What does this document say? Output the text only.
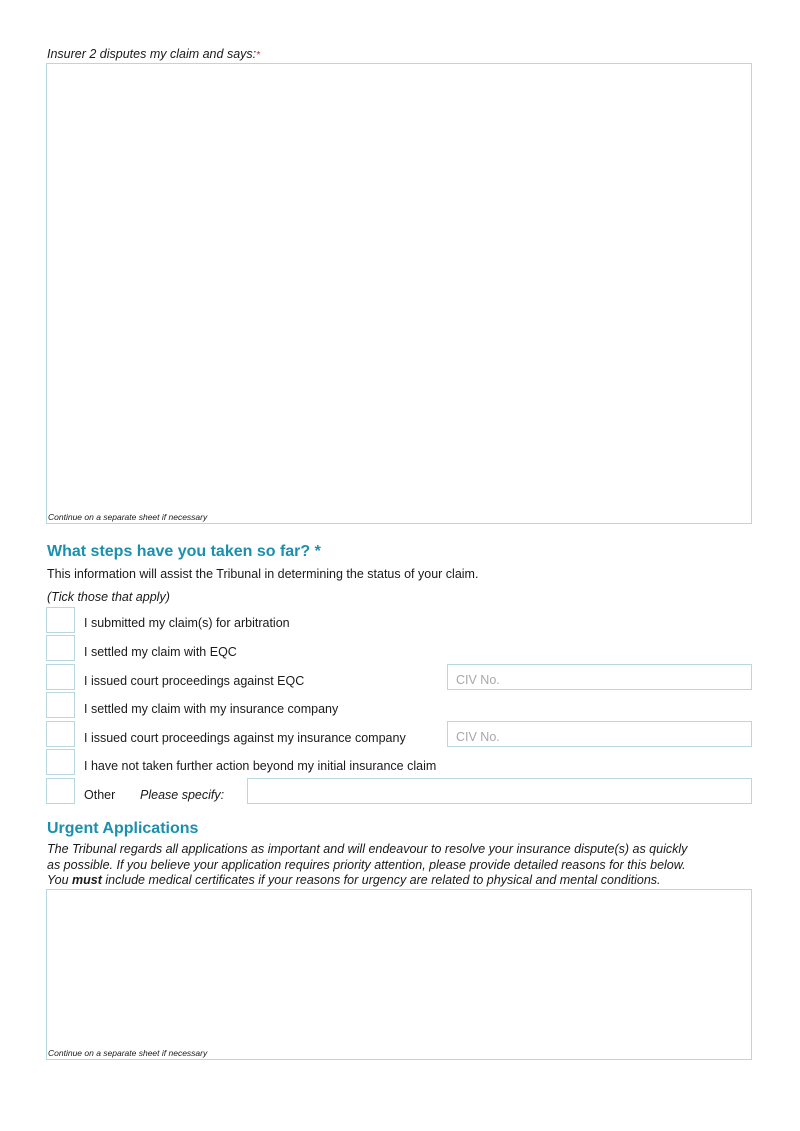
Insurer 2 disputes my claim and says:*
Continue on a separate sheet if necessary
What steps have you taken so far? *
This information will assist the Tribunal in determining the status of your claim.
(Tick those that apply)
I submitted my claim(s) for arbitration
I settled my claim with EQC
I issued court proceedings against EQC	CIV No.
I settled my claim with my insurance company
I issued court proceedings against my insurance company	CIV No.
I have not taken further action beyond my initial insurance claim
Other Please specify:
Urgent Applications
The Tribunal regards all applications as important and will endeavour to resolve your insurance dispute(s) as quickly
as possible. If you believe your application requires priority attention, please provide detailed reasons for this below.
You must include medical certificates if your reasons for urgency are related to physical and mental conditions.
Continue on a separate sheet if necessary
